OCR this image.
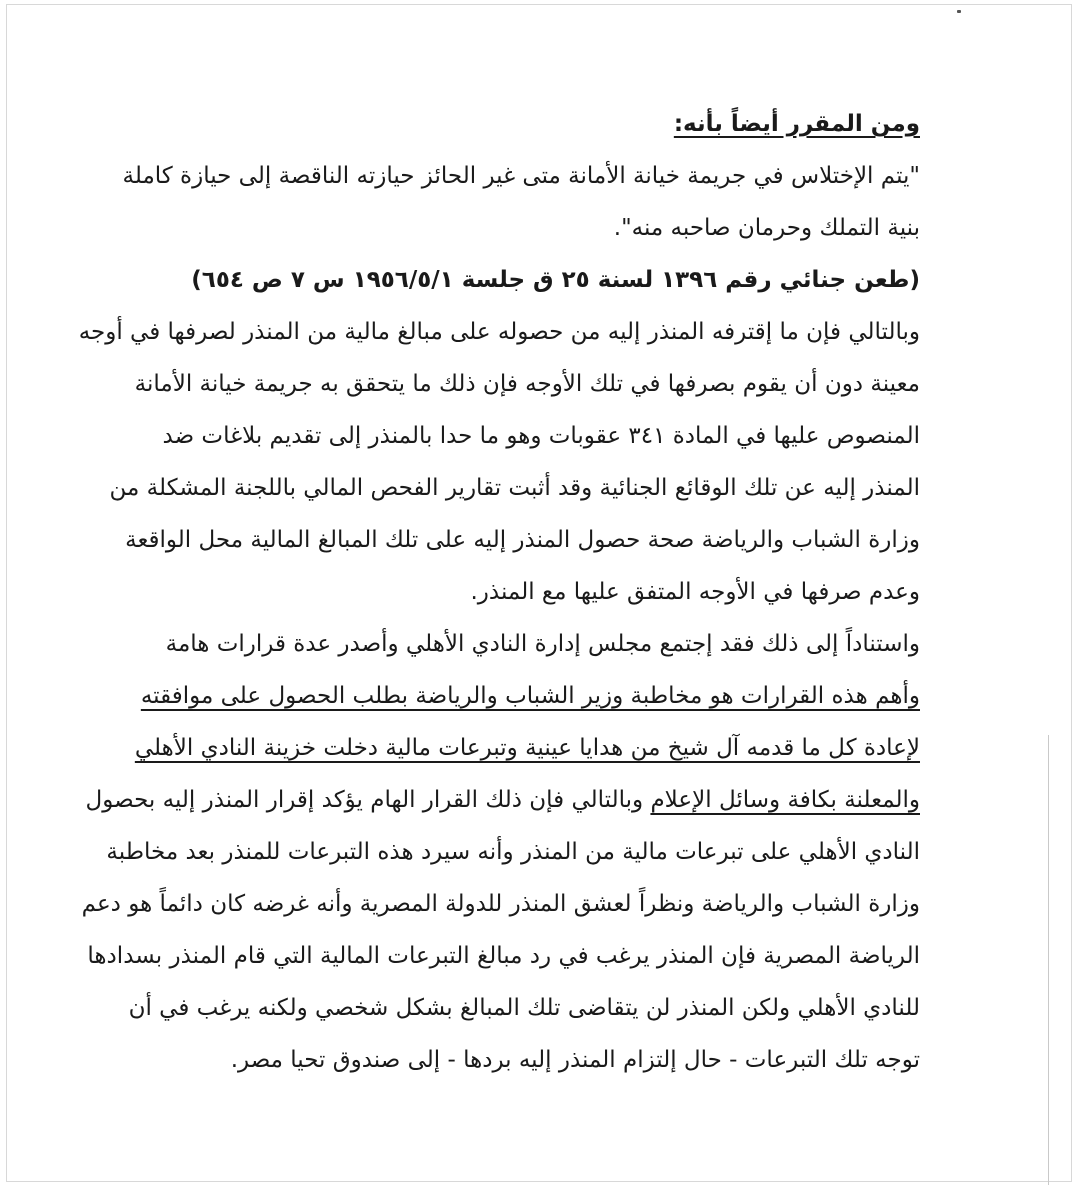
ومن المقرر أيضاً بأنه:
"يتم الإختلاس في جريمة خيانة الأمانة متى غير الحائز حيازته الناقصة إلى حيازة كاملة
بنية التملك وحرمان صاحبه منه".
(طعن جنائي رقم ١٣٩٦ لسنة ٢٥ ق جلسة ١٩٥٦/٥/١ س ٧ ص ٦٥٤)
وبالتالي فإن ما إقترفه المنذر إليه من حصوله على مبالغ مالية من المنذر لصرفها في أوجه
معينة دون أن يقوم بصرفها في تلك الأوجه فإن ذلك ما يتحقق به جريمة خيانة الأمانة
المنصوص عليها في المادة ٣٤١ عقوبات وهو ما حدا بالمنذر إلى تقديم بلاغات ضد
المنذر إليه عن تلك الوقائع الجنائية وقد أثبت تقارير الفحص المالي باللجنة المشكلة من
وزارة الشباب والرياضة صحة حصول المنذر إليه على تلك المبالغ المالية محل الواقعة
وعدم صرفها في الأوجه المتفق عليها مع المنذر.
واستناداً إلى ذلك فقد إجتمع مجلس إدارة النادي الأهلي وأصدر عدة قرارات هامة
وأهم هذه القرارات هو مخاطبة وزير الشباب والرياضة بطلب الحصول على موافقته
لإعادة كل ما قدمه آل شيخ من هدايا عينية وتبرعات مالية دخلت خزينة النادي الأهلي
والمعلنة بكافة وسائل الإعلام وبالتالي فإن ذلك القرار الهام يؤكد إقرار المنذر إليه بحصول
النادي الأهلي على تبرعات مالية من المنذر وأنه سيرد هذه التبرعات للمنذر بعد مخاطبة
وزارة الشباب والرياضة ونظراً لعشق المنذر للدولة المصرية وأنه غرضه كان دائماً هو دعم
الرياضة المصرية فإن المنذر يرغب في رد مبالغ التبرعات المالية التي قام المنذر بسدادها
للنادي الأهلي ولكن المنذر لن يتقاضى تلك المبالغ بشكل شخصي ولكنه يرغب في أن
توجه تلك التبرعات - حال إلتزام المنذر إليه بردها - إلى صندوق تحيا مصر.
